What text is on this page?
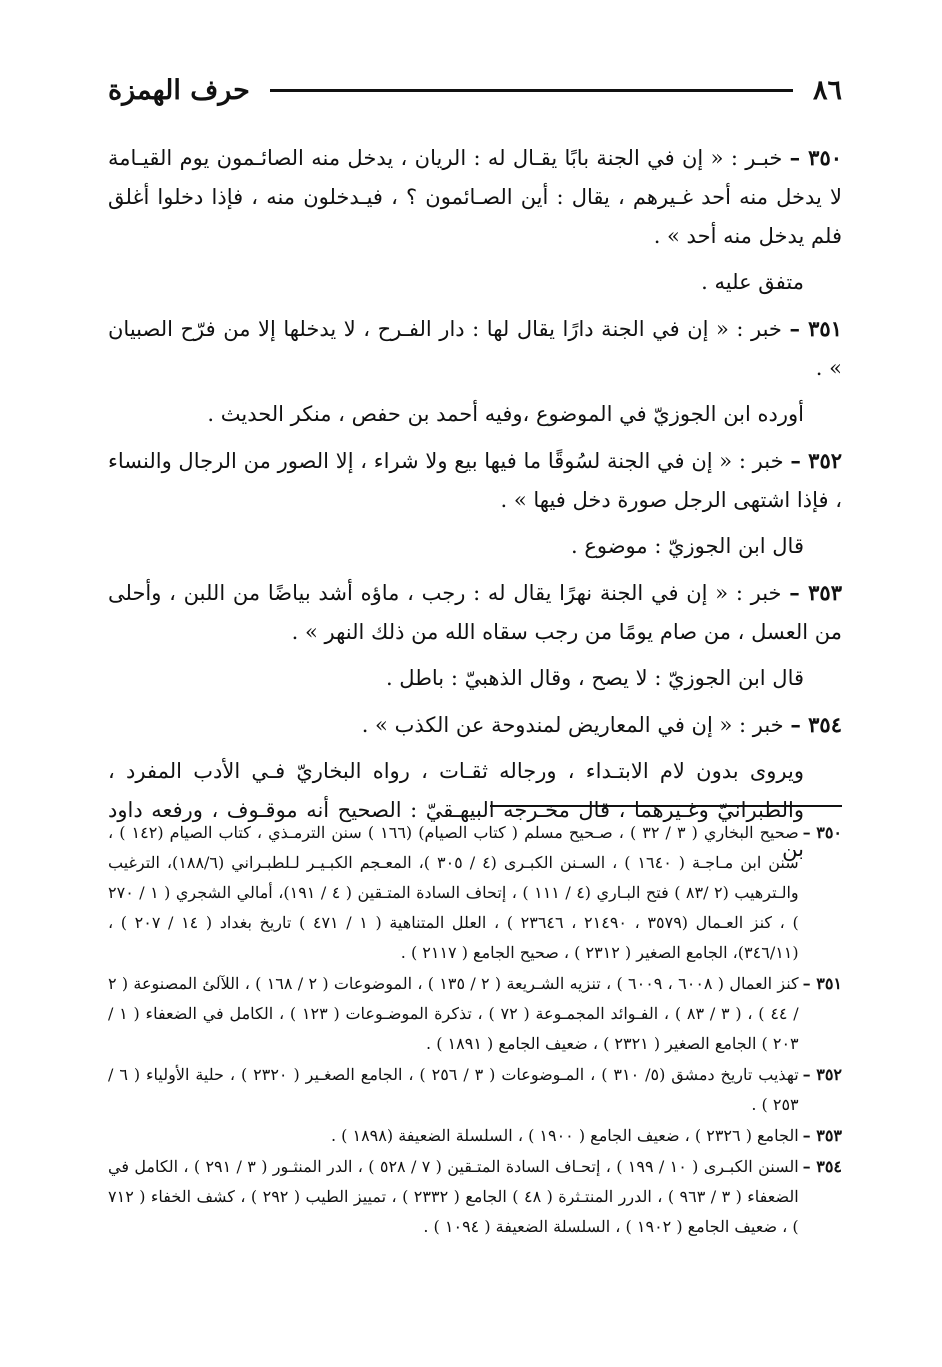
٨٦
حرف الهمزة

٣٥٠ – خبـر : « إن في الجنة بابًا يقـال له : الريان ، يدخل منه الصائـمون يوم القيـامة لا يدخل منه أحد غـيرهم ، يقال : أين الصـائمون ؟ ، فيـدخلون منه ، فإذا دخلوا أغلق فلم يدخل منه أحد » .

متفق عليه .

٣٥١ – خبر : « إن في الجنة دارًا يقال لها : دار الفـرح ، لا يدخلها إلا من فرّح الصبيان » .

أورده ابن الجوزيّ في الموضوع ،وفيه أحمد بن حفص ، منكر الحديث .

٣٥٢ – خبر : « إن في الجنة لسُوقًا ما فيها بيع ولا شراء ، إلا الصور من الرجال والنساء ، فإذا اشتهى الرجل صورة دخل فيها » .

قال ابن الجوزيّ : موضوع .

٣٥٣ – خبر : « إن في الجنة نهرًا يقال له : رجب ، ماؤه أشد بياضًا من اللبن ، وأحلى من العسل ، من صام يومًا من رجب سقاه الله من ذلك النهر » .

قال ابن الجوزيّ : لا يصح ، وقال الذهبيّ : باطل .

٣٥٤ – خبر : « إن في المعاريض لمندوحة عن الكذب » .

ويروى بدون لام الابتـداء ، ورجاله ثقـات ، رواه البخاريّ فـي الأدب المفرد ، والطبرانيّ وغـيرهما ، قال مخـرجه البيهـقيّ : الصحيح أنه موقـوف ، ورفعه داود بن

٣٥٠ –
صحيح البخاري ( ٣ / ٣٢ ) ، صـحيح مسلم ( كتاب الصيام) (١٦٦ ) سنن الترمـذي ، كتاب الصيام (١٤٢ ) ، سنن ابن مـاجـة ( ١٦٤٠ ) ، السـنن الكبـرى (٤ / ٣٠٥ )، المعـجم الكبـيـر لـلطبـراني (١٨٨/٦)، الترغيب والـترهيب (٢ /٨٣ ) فتح البـاري (٤ / ١١١ ) ، إتحاف السادة المتـقين ( ٤ / ١٩١)، أمالي الشجري ( ١ / ٢٧٠ ) ، كنز العـمال (٣٥٧٩ ، ٢١٤٩٠ ، ٢٣٦٤٦ ) ، العلل المتناهية ( ١ / ٤٧١ ) تاريخ بغداد ( ١٤ / ٢٠٧ ) ، (٣٤٦/١١)، الجامع الصغير ( ٢٣١٢ ) ، صحيح الجامع ( ٢١١٧ ) .
٣٥١ –
كنز العمال ( ٦٠٠٨ ، ٦٠٠٩ ) ، تنزيه الشـريعة ( ٢ / ١٣٥ ) ، الموضوعات ( ٢ / ١٦٨ ) ، اللآلئ المصنوعة ( ٢ / ٤٤ ) ، ( ٣ / ٨٣ ) ، الفـوائد المجمـوعة ( ٧٢ ) ، تذكرة الموضـوعات ( ١٢٣ ) ، الكامل في الضعفاء ( ١ / ٢٠٣ ) الجامع الصغير ( ٢٣٢١ ) ، ضعيف الجامع ( ١٨٩١ ) .
٣٥٢ –
تهذيب تاريخ دمشق (٥/ ٣١٠ ) ، المـوضوعات ( ٣ / ٢٥٦ ) ، الجامع الصغـير ( ٢٣٢٠ ) ، حلية الأولياء ( ٦ / ٢٥٣ ) .
٣٥٣ –
الجامع ( ٢٣٢٦ ) ، ضعيف الجامع ( ١٩٠٠ ) ، السلسلة الضعيفة (١٨٩٨ ) .
٣٥٤ –
السنن الكبـرى ( ١٠ / ١٩٩ ) ، إتحـاف السادة المتـقين ( ٧ / ٥٢٨ ) ، الدر المنثـور ( ٣ / ٢٩١ ) ، الكامل في الضعفاء ( ٣ / ٩٦٣ ) ، الدرر المنتـثرة ( ٤٨ ) الجامع ( ٢٣٣٢ ) ، تمييز الطيب ( ٢٩٢ ) ، كشف الخفاء ( ٧١٢ ) ، ضعيف الجامع ( ١٩٠٢ ) ، السلسلة الضعيفة ( ١٠٩٤ ) .
